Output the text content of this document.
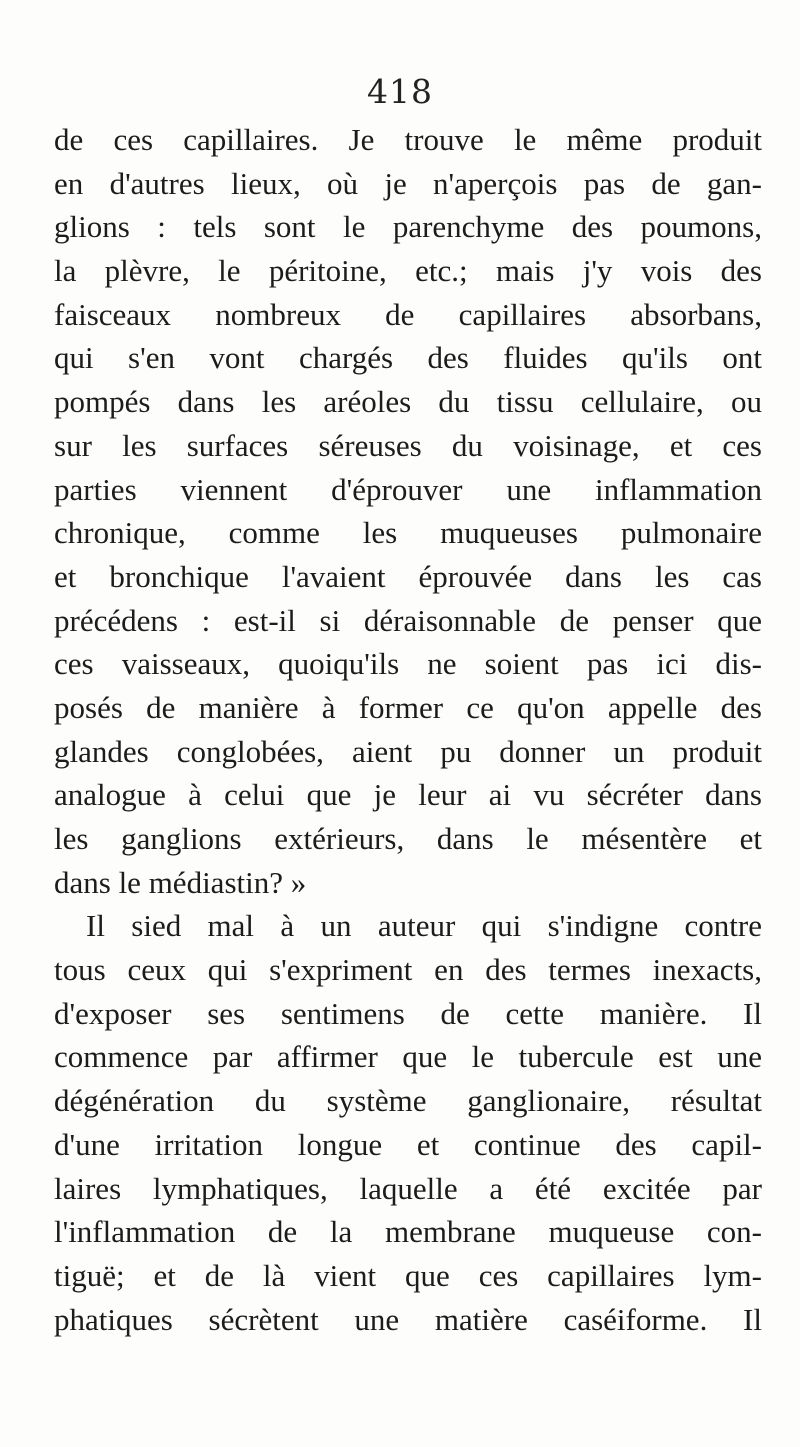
418
de ces capillaires. Je trouve le même produit
en d'autres lieux, où je n'aperçois pas de gan-
glions : tels sont le parenchyme des poumons,
la plèvre, le péritoine, etc.; mais j'y vois des
faisceaux nombreux de capillaires absorbans,
qui s'en vont chargés des fluides qu'ils ont
pompés dans les aréoles du tissu cellulaire, ou
sur les surfaces séreuses du voisinage, et ces
parties viennent d'éprouver une inflammation
chronique, comme les muqueuses pulmonaire
et bronchique l'avaient éprouvée dans les cas
précédens : est-il si déraisonnable de penser que
ces vaisseaux, quoiqu'ils ne soient pas ici dis-
posés de manière à former ce qu'on appelle des
glandes conglobées, aient pu donner un produit
analogue à celui que je leur ai vu sécréter dans
les ganglions extérieurs, dans le mésentère et
dans le médiastin? »
Il sied mal à un auteur qui s'indigne contre
tous ceux qui s'expriment en des termes inexacts,
d'exposer ses sentimens de cette manière. Il
commence par affirmer que le tubercule est une
dégénération du système ganglionaire, résultat
d'une irritation longue et continue des capil-
laires lymphatiques, laquelle a été excitée par
l'inflammation de la membrane muqueuse con-
tiguë; et de là vient que ces capillaires lym-
phatiques sécrètent une matière caséiforme. Il
